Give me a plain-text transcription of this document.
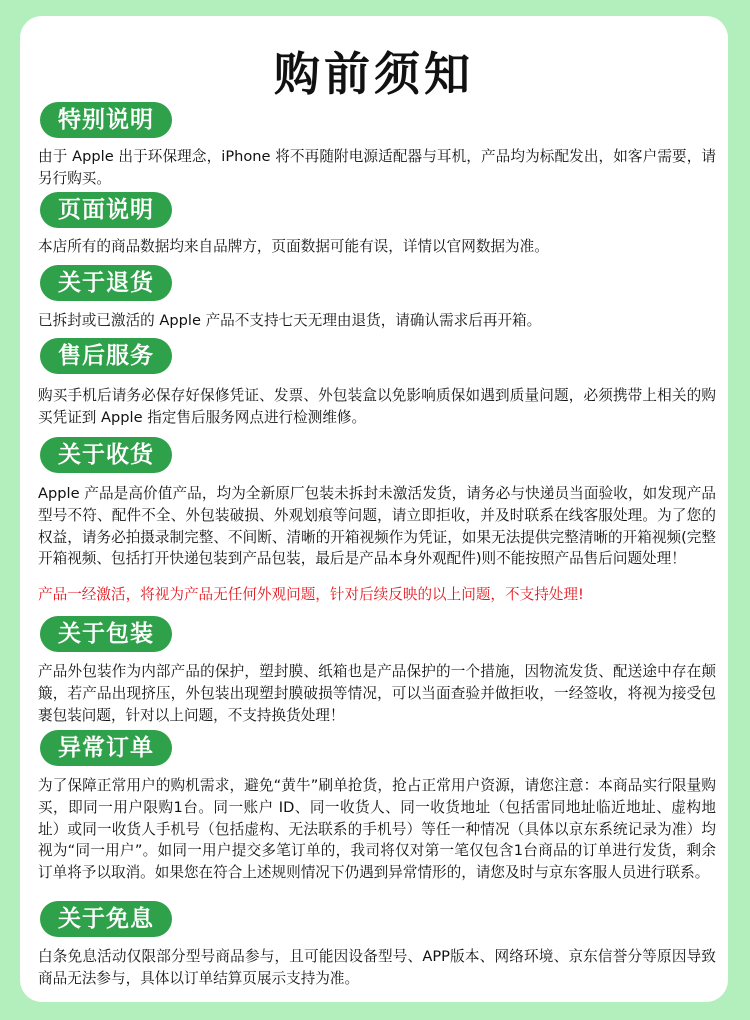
购前须知
特别说明

由于 Apple 出于环保理念，iPhone 将不再随附电源适配器与耳机，产品均为标配发出，如客户需要，请另行购买。

页面说明

本店所有的商品数据均来自品牌方，页面数据可能有误，详情以官网数据为准。

关于退货

已拆封或已激活的 Apple 产品不支持七天无理由退货，请确认需求后再开箱。

售后服务

购买手机后请务必保存好保修凭证、发票、外包装盒以免影响质保如遇到质量问题，必须携带上相关的购买凭证到 Apple 指定售后服务网点进行检测维修。

关于收货

Apple 产品是高价值产品，均为全新原厂包装未拆封未激活发货，请务必与快递员当面验收，如发现产品型号不符、配件不全、外包装破损、外观划痕等问题，请立即拒收，并及时联系在线客服处理。为了您的权益，请务必拍摄录制完整、不间断、清晰的开箱视频作为凭证，如果无法提供完整清晰的开箱视频(完整开箱视频、包括打开快递包装到产品包装，最后是产品本身外观配件)则不能按照产品售后问题处理！

产品一经激活，将视为产品无任何外观问题，针对后续反映的以上问题，不支持处理!

关于包装

产品外包装作为内部产品的保护，塑封膜、纸箱也是产品保护的一个措施，因物流发货、配送途中存在颠簸，若产品出现挤压，外包装出现塑封膜破损等情况，可以当面查验并做拒收，一经签收，将视为接受包裹包装问题，针对以上问题，不支持换货处理！

异常订单

为了保障正常用户的购机需求，避免“黄牛”刷单抢货，抢占正常用户资源，请您注意：本商品实行限量购买，即同一用户限购1台。同一账户 ID、同一收货人、同一收货地址（包括雷同地址临近地址、虚构地址）或同一收货人手机号（包括虚构、无法联系的手机号）等任一种情况（具体以京东系统记录为准）均视为“同一用户”。如同一用户提交多笔订单的，我司将仅对第一笔仅包含1台商品的订单进行发货，剩余订单将予以取消。如果您在符合上述规则情况下仍遇到异常情形的，请您及时与京东客服人员进行联系。

关于免息

白条免息活动仅限部分型号商品参与，且可能因设备型号、APP版本、网络环境、京东信誉分等原因导致商品无法参与，具体以订单结算页展示支持为准。
